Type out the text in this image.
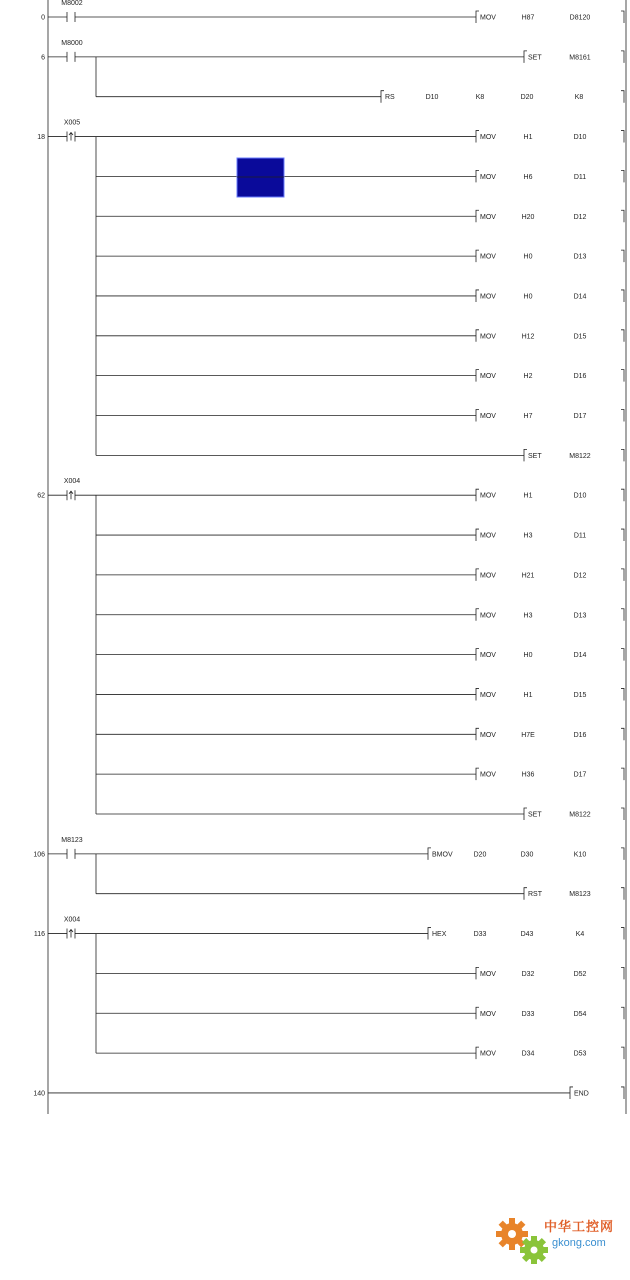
0
M8002
MOV	H87	D8120
6
M8000
SET	M8161
RS	D10	K8	D20	K8
18
X005
MOV	H1	D10
MOV	H6	D11
MOV	H20	D12
MOV	H0	D13
MOV	H0	D14
MOV	H12	D15
MOV	H2	D16
MOV	H7	D17
SET	M8122
62
X004
MOV	H1	D10
MOV	H3	D11
MOV	H21	D12
MOV	H3	D13
MOV	H0	D14
MOV	H1	D15
MOV	H7E	D16
MOV	H36	D17
SET	M8122
106
M8123
BMOV	D20	D30	K10
RST	M8123
116
X004
HEX	D33	D43	K4
MOV	D32	D52
MOV	D33	D54
MOV	D34	D53
140	END
中华工控网
gkong.com
